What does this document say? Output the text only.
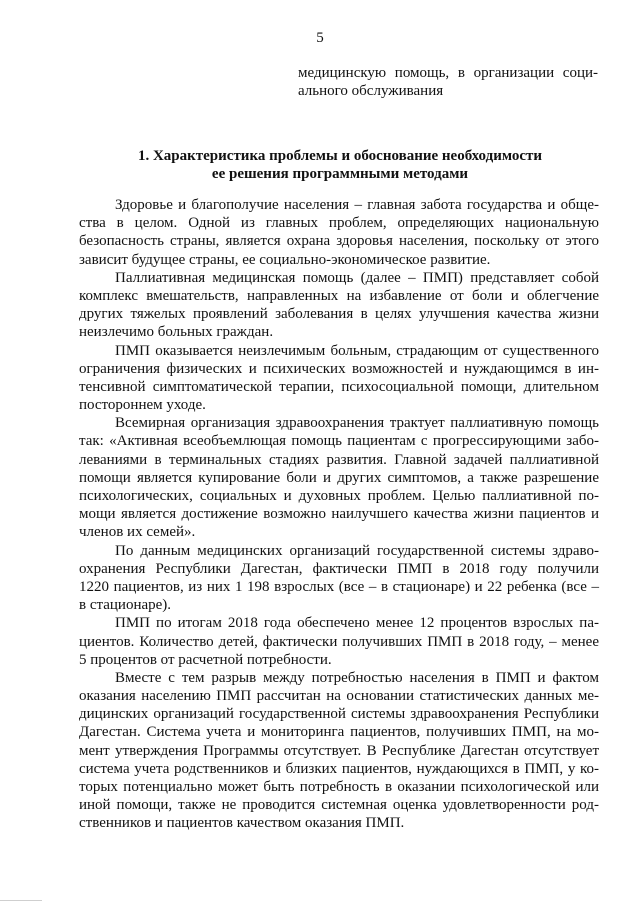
5
медицинскую помощь, в организации соци-
ального обслуживания
1. Характеристика проблемы и обоснование необходимости
ее решения программными методами
Здоровье и благополучие населения – главная забота государства и обще-
ства в целом. Одной из главных проблем, определяющих национальную
безопасность страны, является охрана здоровья населения, поскольку от этого
зависит будущее страны, ее социально-экономическое развитие.
Паллиативная медицинская помощь (далее – ПМП) представляет собой
комплекс вмешательств, направленных на избавление от боли и облегчение
других тяжелых проявлений заболевания в целях улучшения качества жизни
неизлечимо больных граждан.
ПМП оказывается неизлечимым больным, страдающим от существенного
ограничения физических и психических возможностей и нуждающимся в ин-
тенсивной симптоматической терапии, психосоциальной помощи, длительном
постороннем уходе.
Всемирная организация здравоохранения трактует паллиативную помощь
так: «Активная всеобъемлющая помощь пациентам с прогрессирующими забо-
леваниями в терминальных стадиях развития. Главной задачей паллиативной
помощи является купирование боли и других симптомов, а также разрешение
психологических, социальных и духовных проблем. Целью паллиативной по-
мощи является достижение возможно наилучшего качества жизни пациентов и
членов их семей».
По данным медицинских организаций государственной системы здраво-
охранения Республики Дагестан, фактически ПМП в 2018 году получили
1220 пациентов, из них 1 198 взрослых (все – в стационаре) и 22 ребенка (все –
в стационаре).
ПМП по итогам 2018 года обеспечено менее 12 процентов взрослых па-
циентов. Количество детей, фактически получивших ПМП в 2018 году, – менее
5 процентов от расчетной потребности.
Вместе с тем разрыв между потребностью населения в ПМП и фактом
оказания населению ПМП рассчитан на основании статистических данных ме-
дицинских организаций государственной системы здравоохранения Республики
Дагестан. Система учета и мониторинга пациентов, получивших ПМП, на мо-
мент утверждения Программы отсутствует. В Республике Дагестан отсутствует
система учета родственников и близких пациентов, нуждающихся в ПМП, у ко-
торых потенциально может быть потребность в оказании психологической или
иной помощи, также не проводится системная оценка удовлетворенности род-
ственников и пациентов качеством оказания ПМП.
